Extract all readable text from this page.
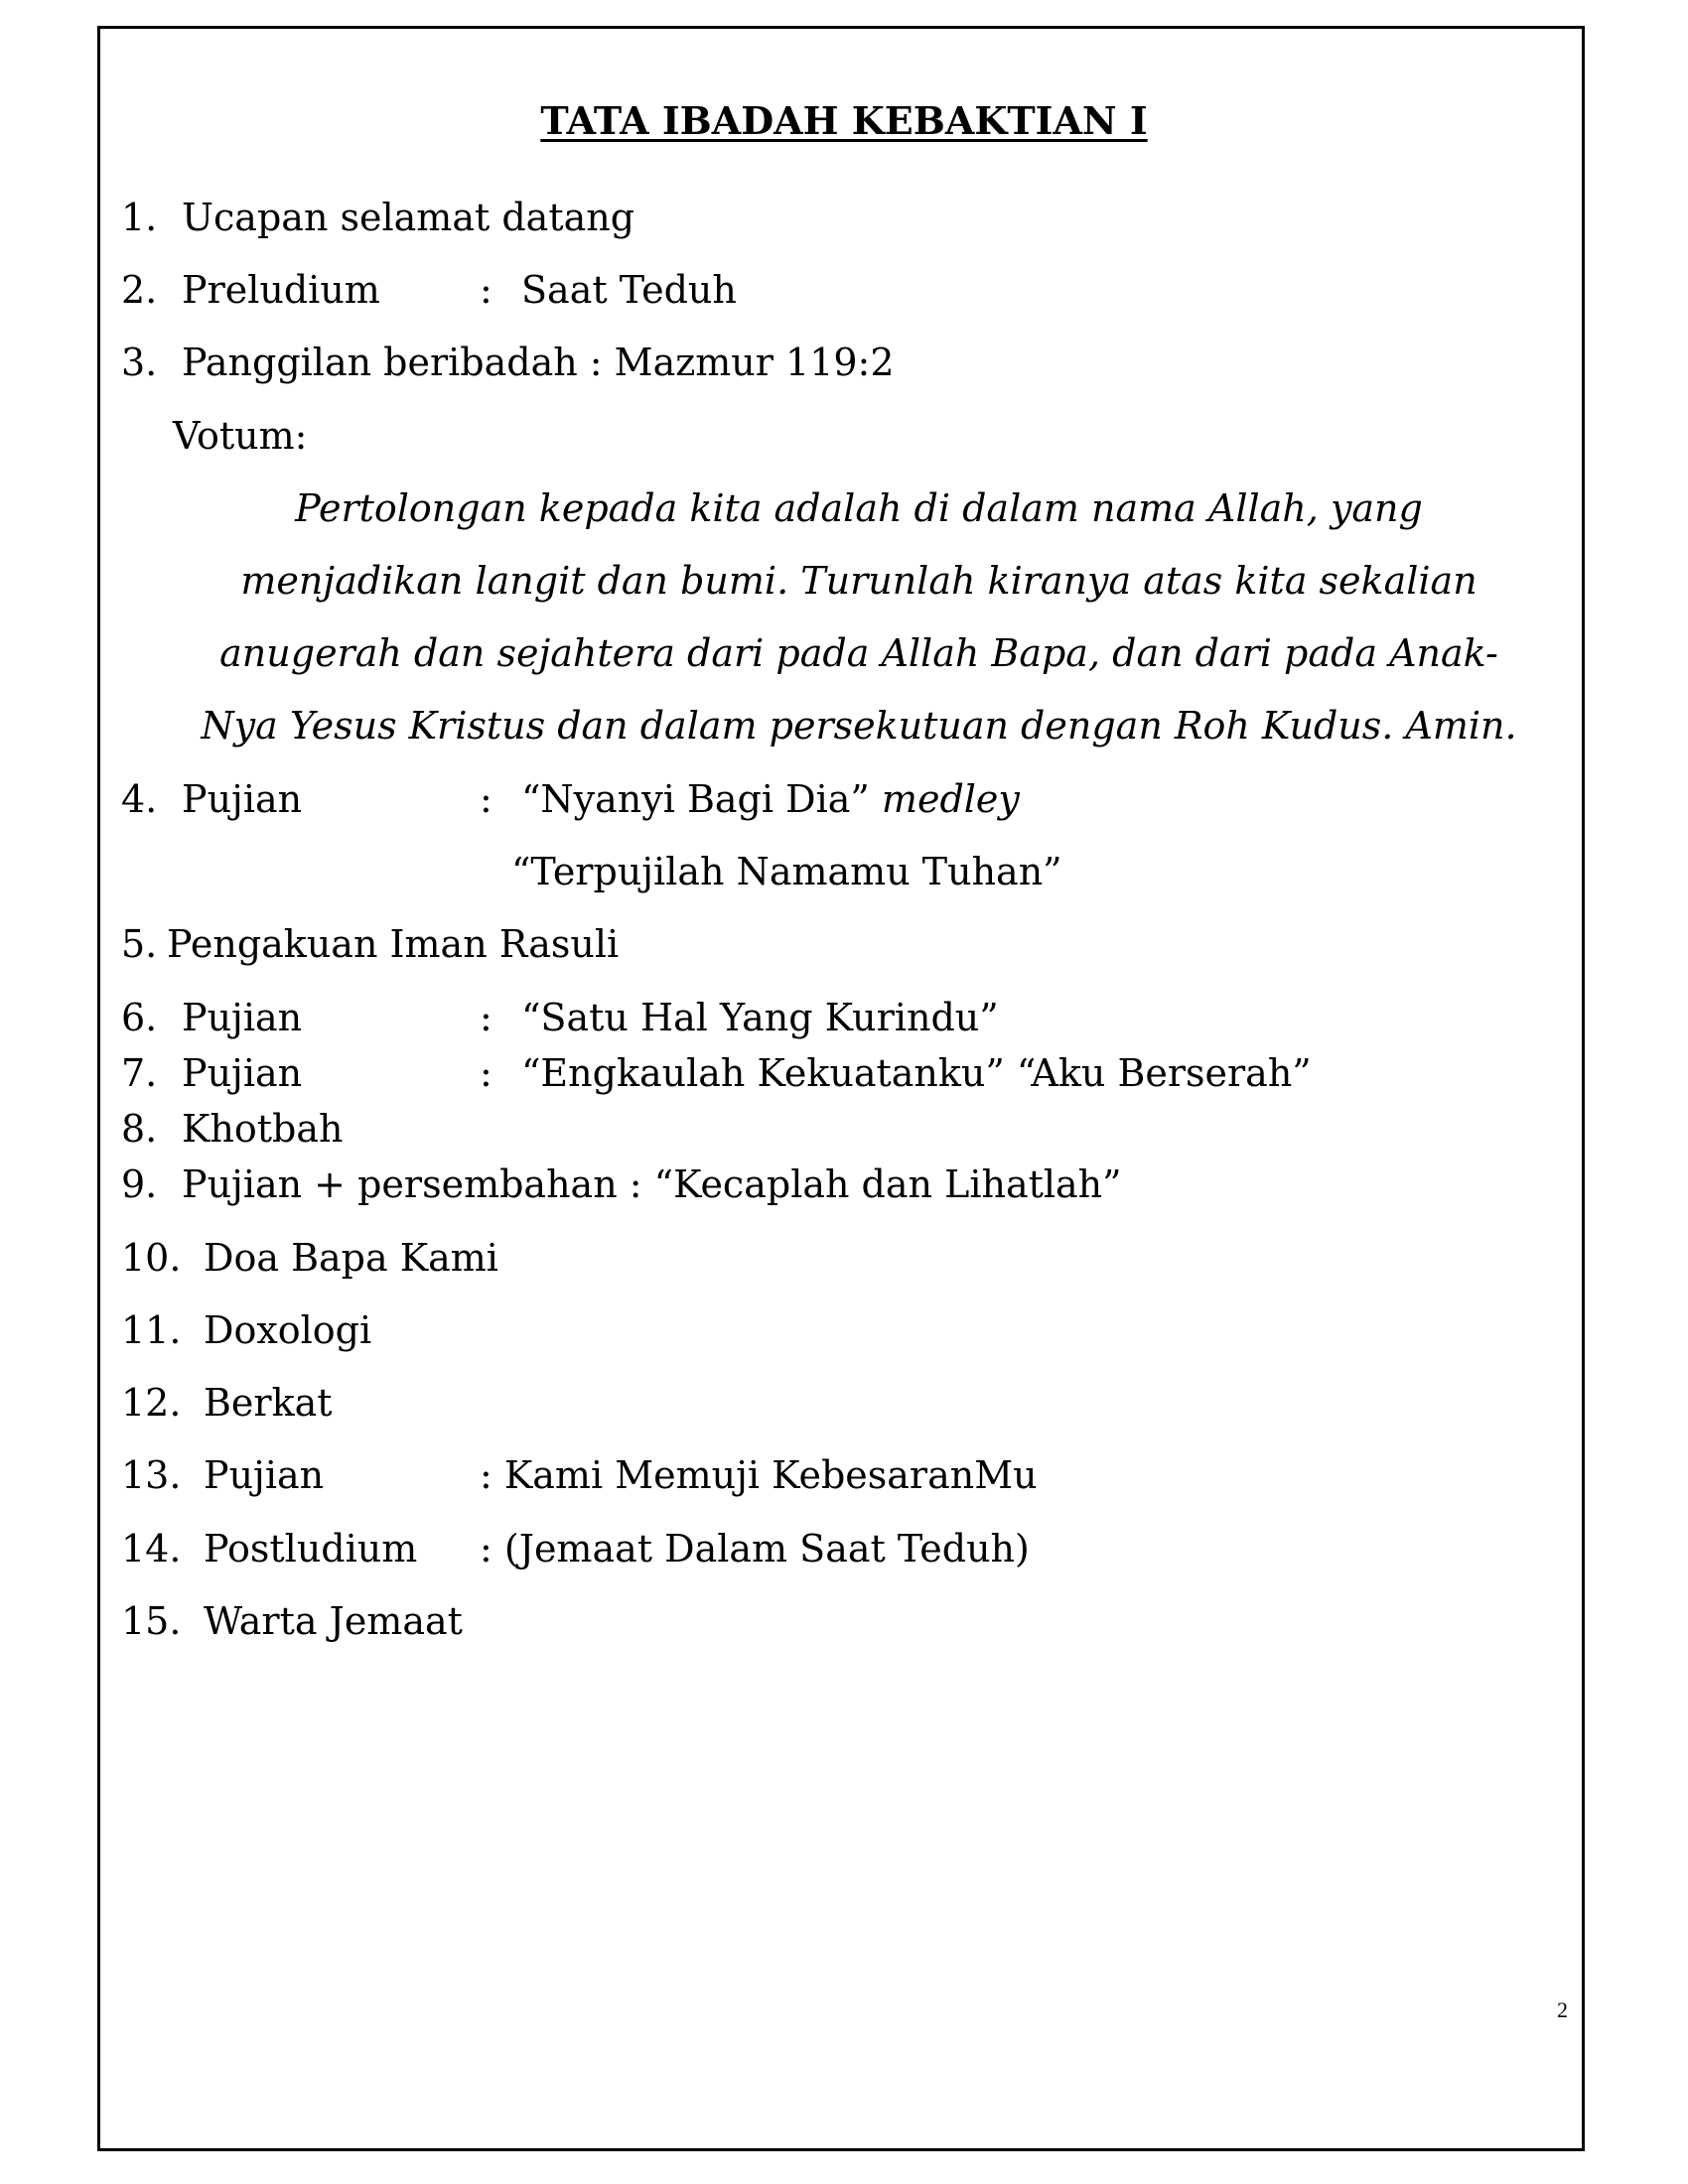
TATA IBADAH KEBAKTIAN I
1. Ucapan selamat datang
2. Preludium	: Saat Teduh
3. Panggilan beribadah : Mazmur 119:2
Votum:
Pertolongan kepada kita adalah di dalam nama Allah, yang
menjadikan langit dan bumi. Turunlah kiranya atas kita sekalian
anugerah dan sejahtera dari pada Allah Bapa, dan dari pada Anak-
Nya Yesus Kristus dan dalam persekutuan dengan Roh Kudus. Amin.
4. Pujian	: “Nyanyi Bagi Dia” medley
“Terpujilah Namamu Tuhan”
5. Pengakuan Iman Rasuli
6. Pujian	: “Satu Hal Yang Kurindu”
7. Pujian	: “Engkaulah Kekuatanku” “Aku Berserah”
8. Khotbah
9. Pujian + persembahan : “Kecaplah dan Lihatlah”
10. Doa Bapa Kami
11. Doxologi
12. Berkat
13. Pujian	: Kami Memuji KebesaranMu
14. Postludium : (Jemaat Dalam Saat Teduh)
15. Warta Jemaat
2
